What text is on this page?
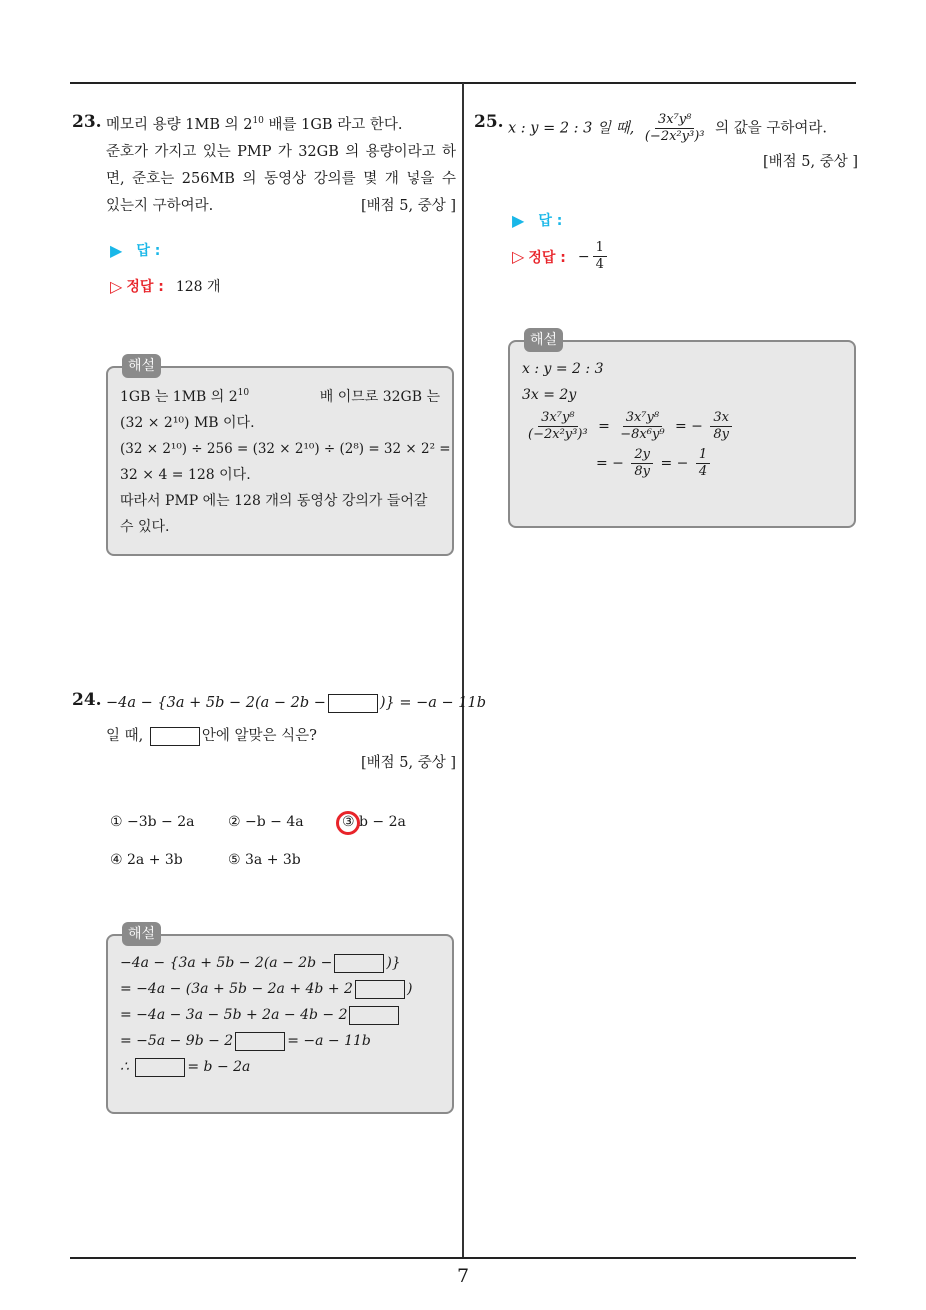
7
23. 메모리 용량 1MB 의 $2^{10}$ 배를 1GB 라고 한다.
준호가 가지고 있는 PMP 가 32GB 의 용량이라고 하
면, 준호는 256MB 의 동영상 강의를 몇 개 넣을 수
있는지 구하여라.	[배점 5, 중상 ]
▶ 답 :
▷ 정답 : 128 개
해설
1GB 는 1MB 의 $2^{10}$	배 이므로 32GB 는
(32 × 2¹⁰) MB 이다.
(32 × 2¹⁰) ÷ 256 = (32 × 2¹⁰) ÷ (2⁸) = 32 × 2² =
32 × 4 = 128 이다.
따라서 PMP 에는 128 개의 동영상 강의가 들어갈
수 있다.
24. −4a − {3a + 5b − 2(a − 2b −	)} = −a − 11b
일 때,	안에 알맞은 식은?
[배점 5, 중상 ]
① −3b − 2a ② −b − 4a	③ b − 2a
④ 2a + 3b	⑤ 3a + 3b
해설
−4a − {3a + 5b − 2(a − 2b −	)}
= −4a − (3a + 5b − 2a + 4b + 2	)
= −4a − 3a − 5b + 2a − 4b − 2
= −5a − 9b − 2	= −a − 11b
∴	= b − 2a
25. x : y = 2 : 3 일 때, $\frac{\text{3x⁷y⁸}}{\text{(−2x²y³)³}}$ 의 값을 구하여라.
[배점 5, 중상 ]
▶ 답 :
▷ 정답 : − $\frac{1}{4}$
해설
x : y = 2 : 3
3x = 2y
$\frac{\text{3x⁷y⁸}}{\text{(−2x²y³)³}} = \frac{\text{3x⁷y⁸}}{\text{−8x⁶y⁹}}$ = − $\frac{3x}{8y}$
= − $\frac{2y}{8y}$ = − $\frac{1}{4}$
